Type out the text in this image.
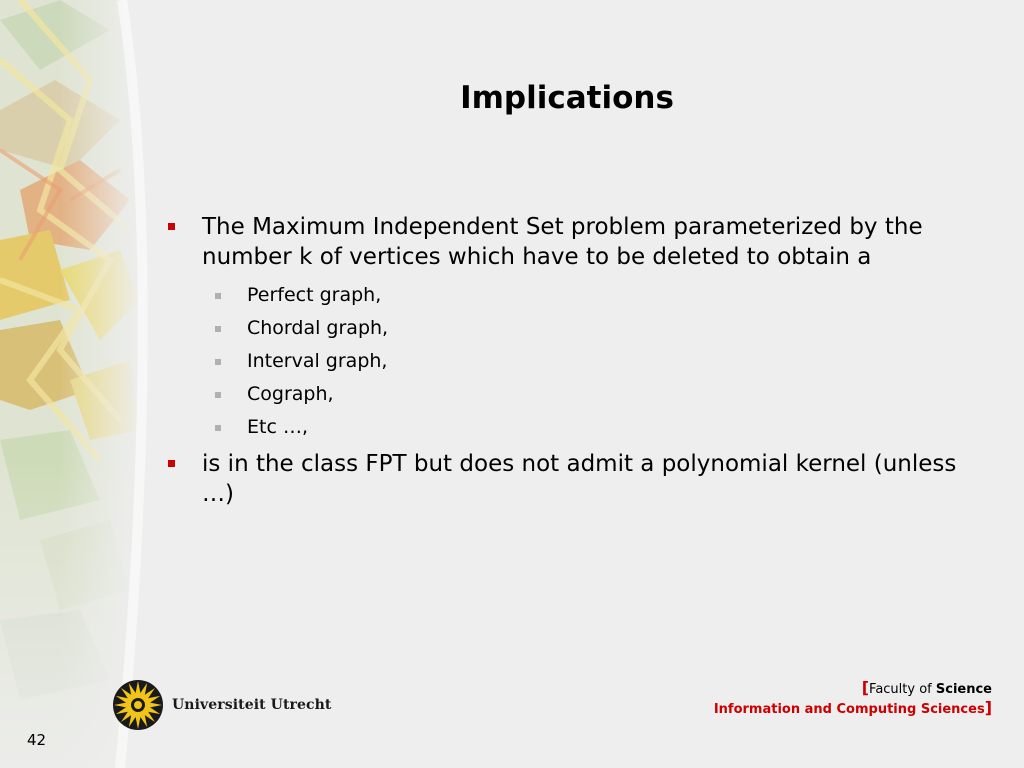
Implications
The Maximum Independent Set problem parameterized by the number k of vertices which have to be deleted to obtain a
Perfect graph,
Chordal graph,
Interval graph,
Cograph,
Etc …,
is in the class FPT but does not admit a polynomial kernel (unless …)
Universiteit Utrecht
[Faculty of Science
Information and Computing Sciences]
42
